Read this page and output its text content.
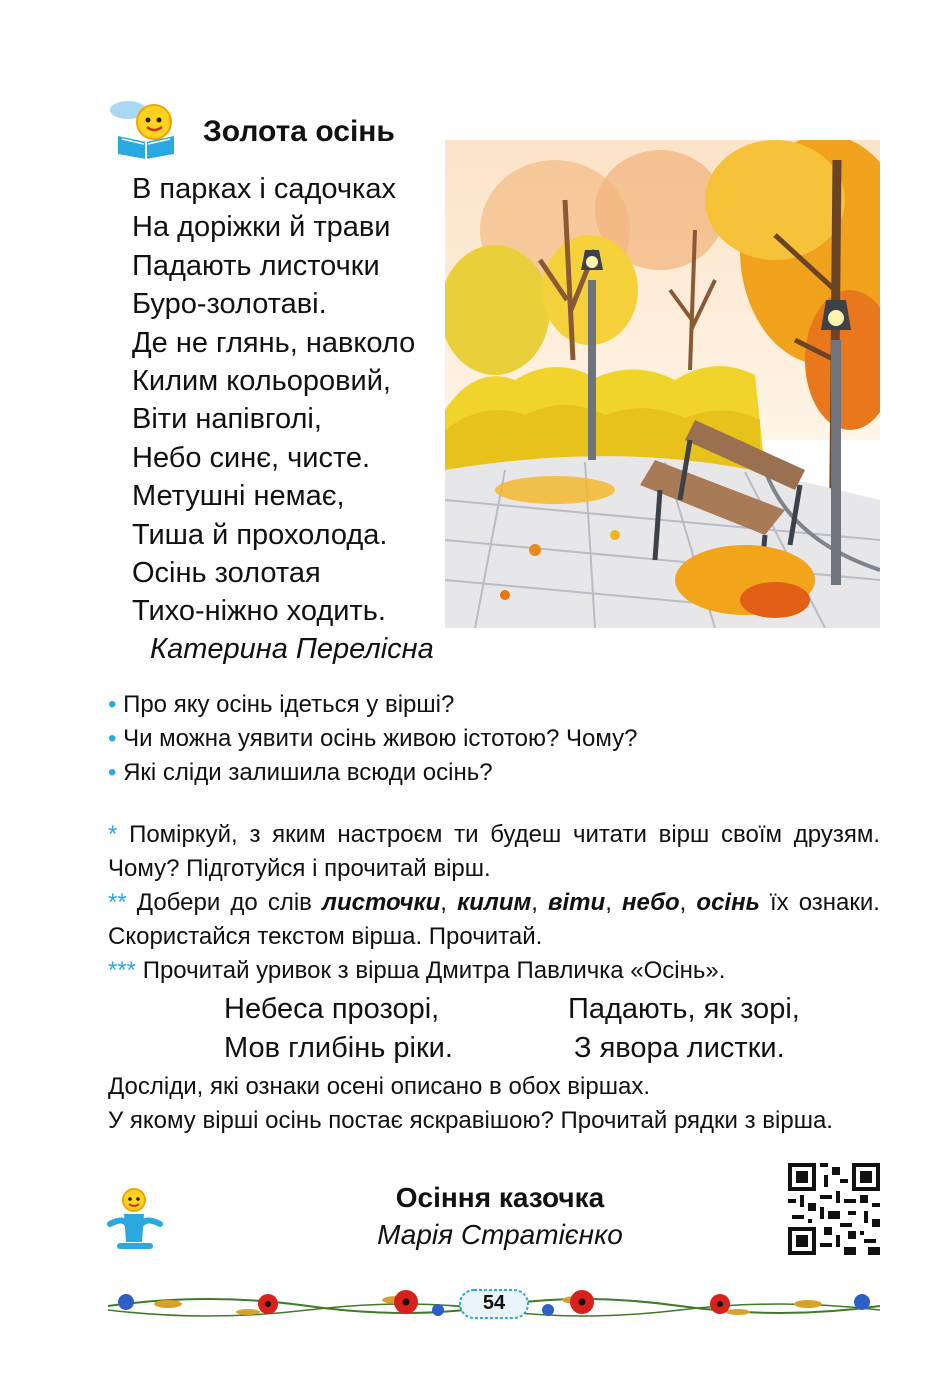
Золота осінь
В парках і садочках
На доріжки й трави
Падають листочки
Буро-золотаві.
Де не глянь, навколо
Килим кольоровий,
Віти напівголі,
Небо синє, чисте.
Метушні немає,
Тиша й прохолода.
Осінь золотая
Тихо-ніжно ходить.
Катерина Перелісна
• Про яку осінь ідеться у вірші?
• Чи можна уявити осінь живою істотою? Чому?
• Які сліди залишила всюди осінь?
* Поміркуй, з яким настроєм ти будеш читати вірш своїм друзям. Чому? Підготуйся і прочитай вірш.
** Добери до слів листочки, килим, віти, небо, осінь їх ознаки. Скористайся текстом вірша. Прочитай.
*** Прочитай уривок з вірша Дмитра Павличка «Осінь».
Небеса прозорі,	Падають, як зорі,
Мов глибінь ріки.	З явора листки.
Досліди, які ознаки осені описано в обох віршах.
У якому вірші осінь постає яскравішою? Прочитай рядки з вірша.
Осіння казочка
Марія Стратієнко
54
